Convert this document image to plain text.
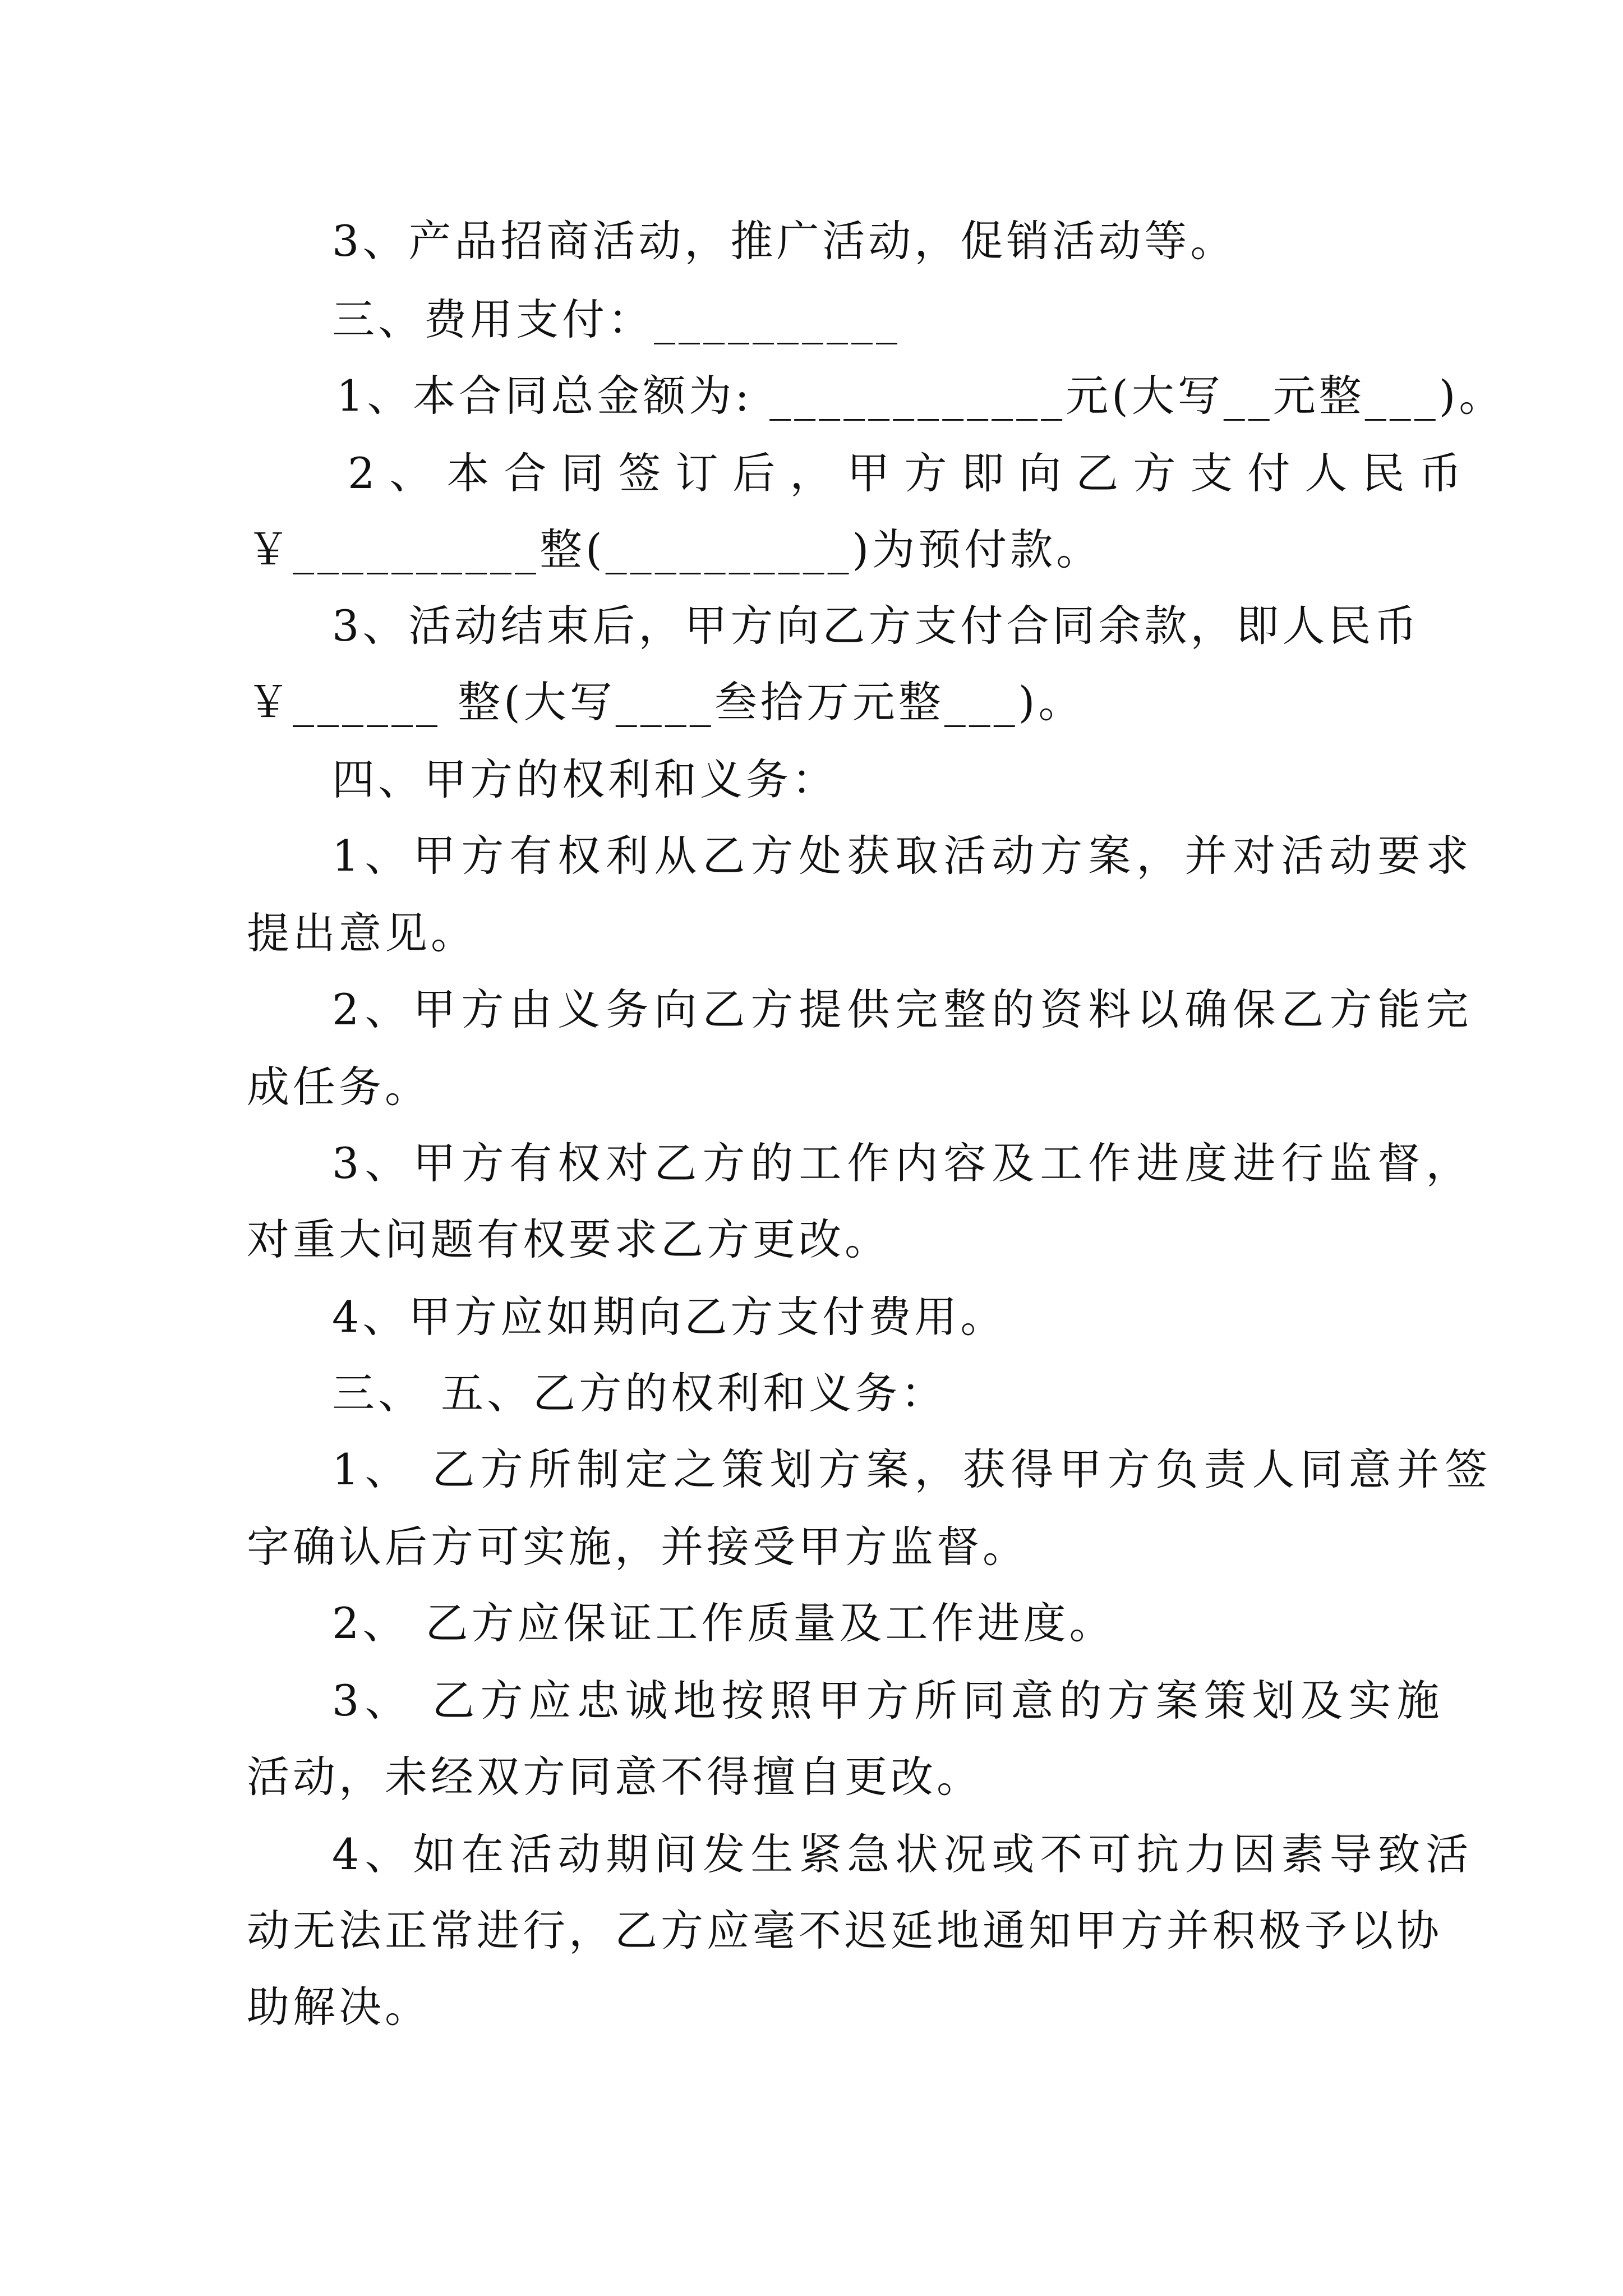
3、产品招商活动，推广活动，促销活动等。
三、费用支付：__________
1、本合同总金额为: ____________元(大写__元整___)。
2、本合同签订后，甲方即向乙方支付人民币
￥__________整(__________)为预付款。
3、活动结束后，甲方向乙方支付合同余款，即人民币
￥______ 整(大写____叁拾万元整___)。
四、甲方的权利和义务：
1、甲方有权利从乙方处获取活动方案，并对活动要求
提出意见。
2、甲方由义务向乙方提供完整的资料以确保乙方能完
成任务。
3、甲方有权对乙方的工作内容及工作进度进行监督，
对重大问题有权要求乙方更改。
4、甲方应如期向乙方支付费用。
三、 五、乙方的权利和义务：
1、 乙方所制定之策划方案，获得甲方负责人同意并签
字确认后方可实施，并接受甲方监督。
2、 乙方应保证工作质量及工作进度。
3、 乙方应忠诚地按照甲方所同意的方案策划及实施
活动，未经双方同意不得擅自更改。
4、如在活动期间发生紧急状况或不可抗力因素导致活
动无法正常进行，乙方应毫不迟延地通知甲方并积极予以协
助解决。
